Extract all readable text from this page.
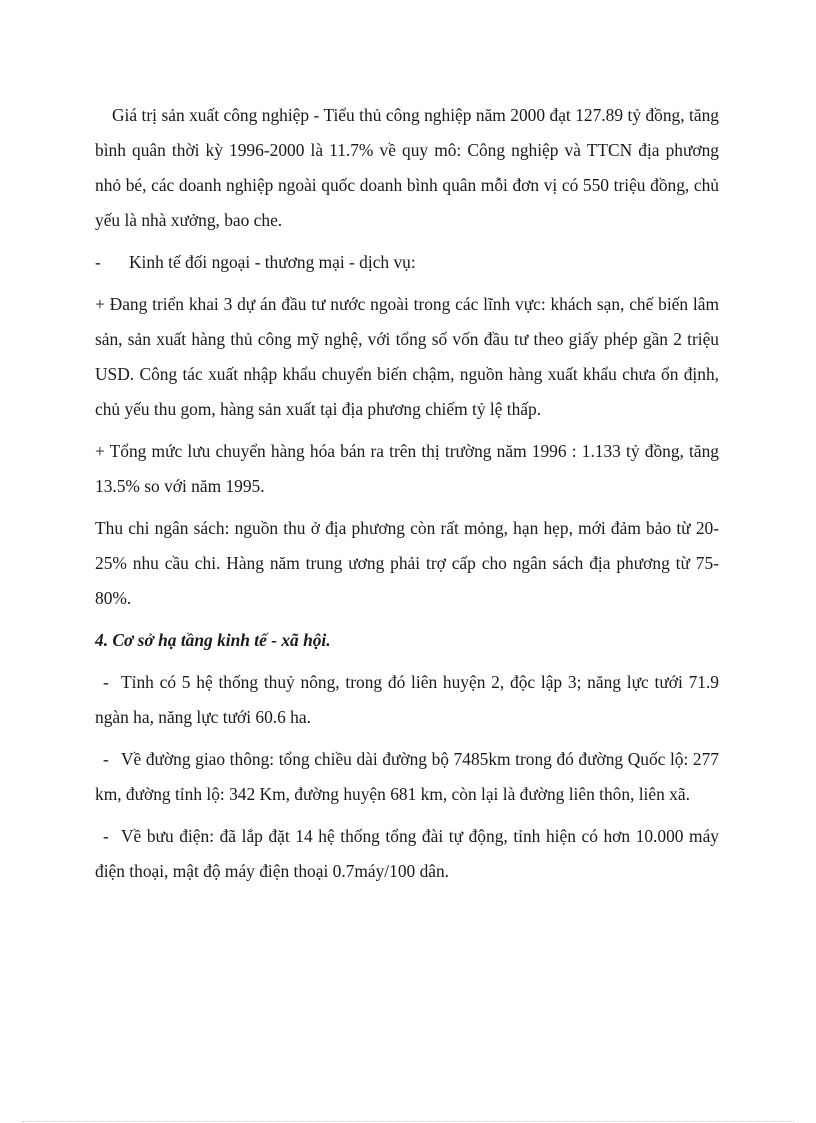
Giá trị sản xuất công nghiệp - Tiểu thủ công nghiệp năm 2000 đạt 127.89 tỷ đồng, tăng bình quân thời kỳ 1996-2000 là 11.7% về quy mô: Công nghiệp và TTCN địa phương nhỏ bé, các doanh nghiệp ngoài quốc doanh bình quân mỗi đơn vị có 550 triệu đồng, chủ yếu là nhà xưởng, bao che.

- Kinh tế đối ngoại - thương mại - dịch vụ:

+ Đang triển khai 3 dự án đầu tư nước ngoài trong các lĩnh vực: khách sạn, chế biến lâm sản, sản xuất hàng thủ công mỹ nghệ, với tổng số vốn đầu tư theo giấy phép gần 2 triệu USD. Công tác xuất nhập khẩu chuyển biến chậm, nguồn hàng xuất khẩu chưa ổn định, chủ yếu thu gom, hàng sản xuất tại địa phương chiếm tỷ lệ thấp.

+ Tổng mức lưu chuyển hàng hóa bán ra trên thị trường năm 1996 : 1.133 tỷ đồng, tăng 13.5% so với năm 1995.

Thu chi ngân sách: nguồn thu ở địa phương còn rất mỏng, hạn hẹp, mới đảm bảo từ 20-25% nhu cầu chi. Hàng năm trung ương phải trợ cấp cho ngân sách địa phương từ 75-80%.

4. Cơ sở hạ tầng kinh tế - xã hội.

- Tỉnh có 5 hệ thống thuỷ nông, trong đó liên huyện 2, độc lập 3; năng lực tưới 71.9 ngàn ha, năng lực tưới 60.6 ha.

- Về đường giao thông: tổng chiều dài đường bộ 7485km trong đó đường Quốc lộ: 277 km, đường tỉnh lộ: 342 Km, đường huyện 681 km, còn lại là đường liên thôn, liên xã.

- Về bưu điện: đã lắp đặt 14 hệ thống tổng đài tự động, tỉnh hiện có hơn 10.000 máy điện thoại, mật độ máy điện thoại 0.7máy/100 dân.
